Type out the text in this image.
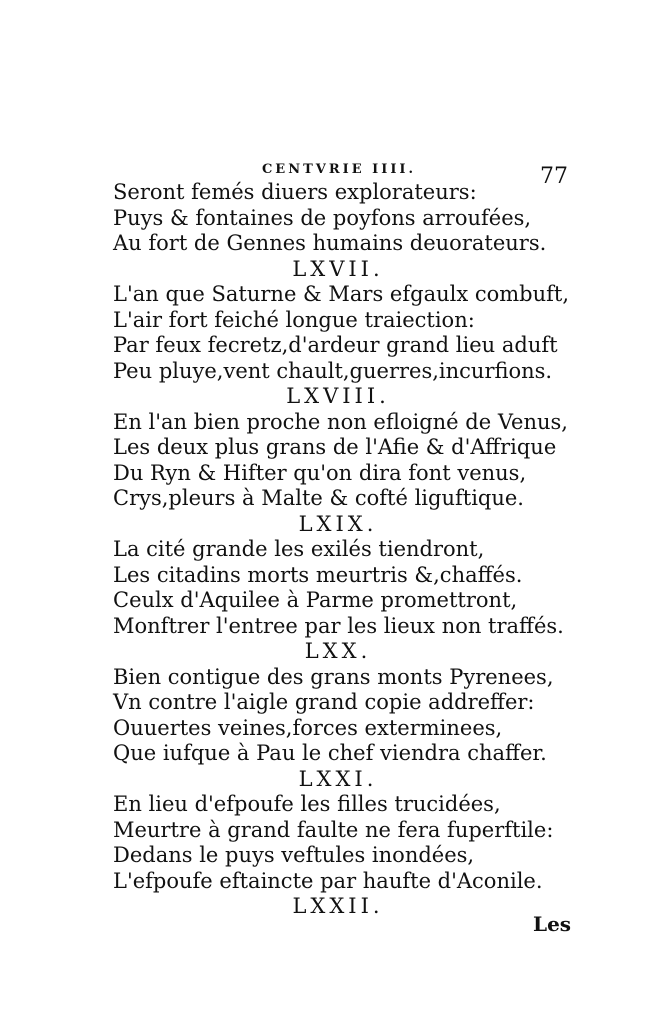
CENTVRIE IIII.	77
Seront femés diuers explorateurs:
Puys & fontaines de poyfons arroufées,
Au fort de Gennes humains deuorateurs.
LXVII.
L'an que Saturne & Mars efgaulx combuft,
L'air fort feiché longue traiection:
Par feux fecretz,d'ardeur grand lieu aduft
Peu pluye,vent chault,guerres,incurfions.
LXVIII.
En l'an bien proche non efloigné de Venus,
Les deux plus grans de l'Afie & d'Affrique
Du Ryn & Hifter qu'on dira font venus,
Crys,pleurs à Malte & cofté liguftique.
LXIX.
La cité grande les exilés tiendront,
Les citadins morts meurtris &,chaffés.
Ceulx d'Aquilee à Parme promettront,
Monftrer l'entree par les lieux non traffés.
LXX.
Bien contigue des grans monts Pyrenees,
Vn contre l'aigle grand copie addreffer:
Ouuertes veines,forces exterminees,
Que iufque à Pau le chef viendra chaffer.
LXXI.
En lieu d'efpoufe les filles trucidées,
Meurtre à grand faulte ne fera fuperftile:
Dedans le puys veftules inondées,
L'efpoufe eftaincte par haufte d'Aconile.
LXXII.
Les
